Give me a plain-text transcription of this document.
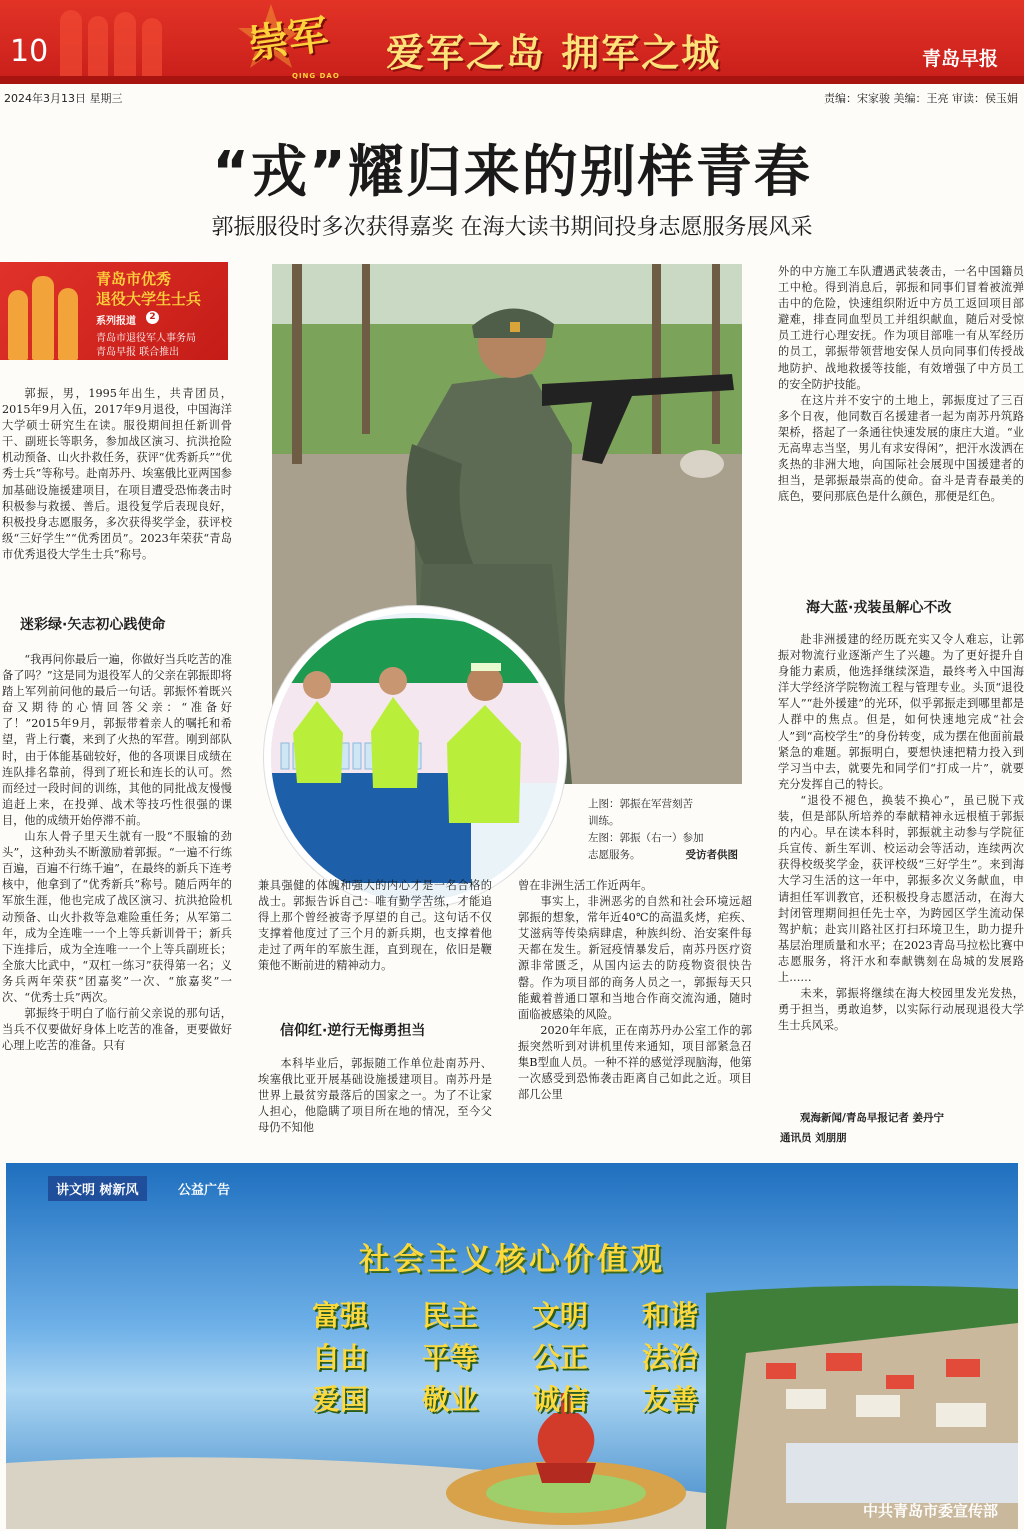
10	崇军
QING DAO
爱军之岛 拥军之城	青岛早报
2024年3月13日 星期三	责编：宋家骏 美编：王亮 审读：侯玉娟
“戎”耀归来的别样青春
郭振服役时多次获得嘉奖 在海大读书期间投身志愿服务展风采
青岛市优秀
退役大学生士兵
系列报道	2
青岛市退役军人事务局
青岛早报 联合推出

郭振，男，1995年出生，共青团员，2015年9月入伍，2017年9月退役，中国海洋大学硕士研究生在读。服役期间担任新训骨干、副班长等职务，参加战区演习、抗洪抢险机动预备、山火扑救任务，获评“优秀新兵”“优秀士兵”等称号。赴南苏丹、埃塞俄比亚两国参加基础设施援建项目，在项目遭受恐怖袭击时积极参与救援、善后。退役复学后表现良好，积极投身志愿服务，多次获得奖学金，获评校级“三好学生”“优秀团员”。2023年荣获“青岛市优秀退役大学生士兵”称号。

迷彩绿·矢志初心践使命

“我再问你最后一遍，你做好当兵吃苦的准备了吗？”这是同为退役军人的父亲在郭振即将踏上军列前问他的最后一句话。郭振怀着既兴奋又期待的心情回答父亲：“准备好了！”2015年9月，郭振带着亲人的嘱托和希望，背上行囊，来到了火热的军营。刚到部队时，由于体能基础较好，他的各项课目成绩在连队排名靠前，得到了班长和连长的认可。然而经过一段时间的训练，其他的同批战友慢慢追赶上来，在投弹、战术等技巧性很强的课目，他的成绩开始停滞不前。

山东人骨子里天生就有一股“不服输的劲头”，这种劲头不断激励着郭振。“一遍不行练百遍，百遍不行练千遍”，在最终的新兵下连考核中，他拿到了“优秀新兵”称号。随后两年的军旅生涯，他也完成了战区演习、抗洪抢险机动预备、山火扑救等急难险重任务；从军第二年，成为全连唯一一个上等兵新训骨干；新兵下连排后，成为全连唯一一个上等兵副班长；全旅大比武中，“双杠一练习”获得第一名；义务兵两年荣获“团嘉奖”一次、“旅嘉奖”一次、“优秀士兵”两次。

郭振终于明白了临行前父亲说的那句话，当兵不仅要做好身体上吃苦的准备，更要做好心理上吃苦的准备。只有

上图：郭振在军营刻苦
训练。
左图：郭振（右一）参加
志愿服务。	受访者供图

兼具强健的体魄和强大的内心才是一名合格的战士。郭振告诉自己：唯有勤学苦练，才能追得上那个曾经被寄予厚望的自己。这句话不仅支撑着他度过了三个月的新兵期，也支撑着他走过了两年的军旅生涯，直到现在，依旧是鞭策他不断前进的精神动力。

信仰红·逆行无悔勇担当

本科毕业后，郭振随工作单位赴南苏丹、埃塞俄比亚开展基础设施援建项目。南苏丹是世界上最贫穷最落后的国家之一。为了不让家人担心，他隐瞒了项目所在地的情况，至今父母仍不知他

曾在非洲生活工作近两年。

事实上，非洲恶劣的自然和社会环境远超郭振的想象，常年近40℃的高温炙烤，疟疾、艾滋病等传染病肆虐，种族纠纷、治安案件每天都在发生。新冠疫情暴发后，南苏丹医疗资源非常匮乏，从国内运去的防疫物资很快告罄。作为项目部的商务人员之一，郭振每天只能戴着普通口罩和当地合作商交流沟通，随时面临被感染的风险。

2020年年底，正在南苏丹办公室工作的郭振突然听到对讲机里传来通知，项目部紧急召集B型血人员。一种不祥的感觉浮现脑海，他第一次感受到恐怖袭击距离自己如此之近。项目部几公里

外的中方施工车队遭遇武装袭击，一名中国籍员工中枪。得到消息后，郭振和同事们冒着被流弹击中的危险，快速组织附近中方员工返回项目部避难，排查同血型员工并组织献血，随后对受惊员工进行心理安抚。作为项目部唯一有从军经历的员工，郭振带领营地安保人员向同事们传授战地防护、战地救援等技能，有效增强了中方员工的安全防护技能。

在这片并不安宁的土地上，郭振度过了三百多个日夜，他同数百名援建者一起为南苏丹筑路架桥，搭起了一条通往快速发展的康庄大道。“业无高卑志当坚，男儿有求安得闲”，把汗水泼洒在炙热的非洲大地，向国际社会展现中国援建者的担当，是郭振最崇高的使命。奋斗是青春最美的底色，要问那底色是什么颜色，那便是红色。

海大蓝·戎装虽解心不改

赴非洲援建的经历既充实又令人难忘，让郭振对物流行业逐渐产生了兴趣。为了更好提升自身能力素质，他选择继续深造，最终考入中国海洋大学经济学院物流工程与管理专业。头顶“退役军人”“赴外援建”的光环，似乎郭振走到哪里都是人群中的焦点。但是，如何快速地完成“社会人”到“高校学生”的身份转变，成为摆在他面前最紧急的难题。郭振明白，要想快速把精力投入到学习当中去，就要先和同学们“打成一片”，就要充分发挥自己的特长。

“退役不褪色，换装不换心”，虽已脱下戎装，但是部队所培养的奉献精神永远根植于郭振的内心。早在读本科时，郭振就主动参与学院征兵宣传、新生军训、校运动会等活动，连续两次获得校级奖学金，获评校级“三好学生”。来到海大学习生活的这一年中，郭振多次义务献血，申请担任军训教官，还积极投身志愿活动，在海大封闭管理期间担任先士卒，为跨园区学生流动保驾护航；赴宾川路社区打扫环境卫生，助力提升基层治理质量和水平；在2023青岛马拉松比赛中志愿服务，将汗水和奉献镌刻在岛城的发展路上……

未来，郭振将继续在海大校园里发光发热，勇于担当，勇敢追梦，以实际行动展现退役大学生士兵风采。

观海新闻/青岛早报记者 姜丹宁
通讯员 刘朋朋
讲文明 树新风	公益广告
社会主义核心价值观
富强 民主 文明 和谐
自由 平等 公正 法治
爱国 敬业 诚信 友善
中共青岛市委宣传部
